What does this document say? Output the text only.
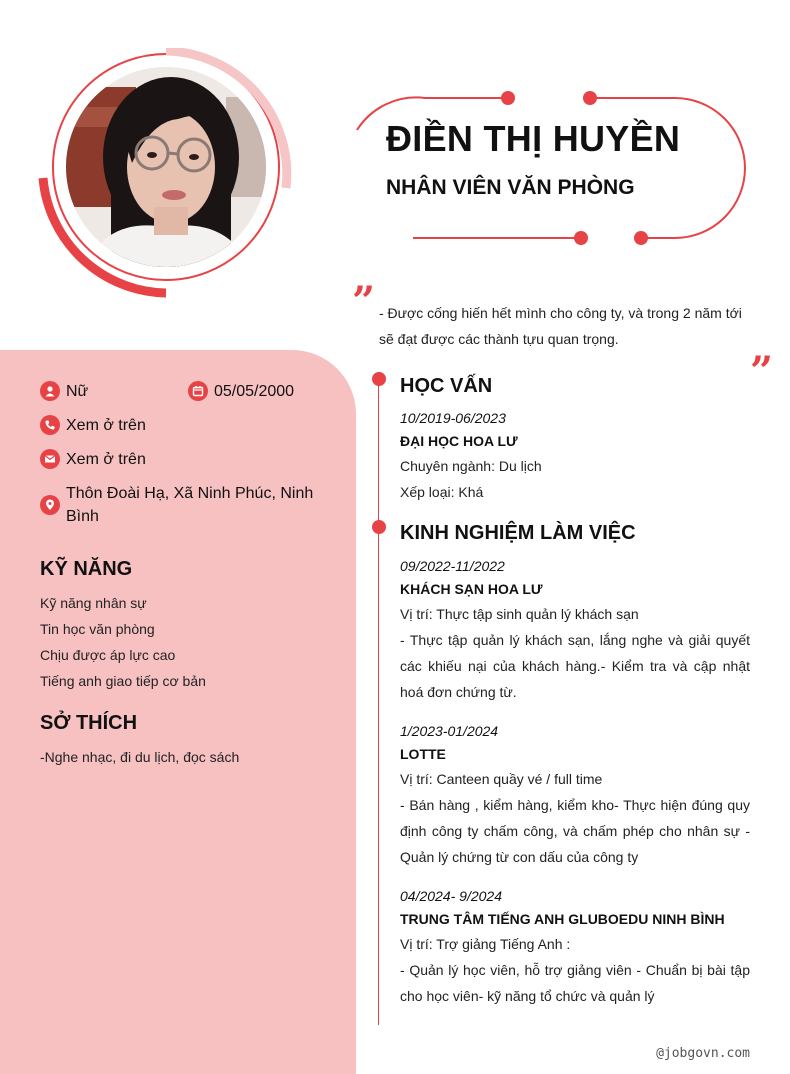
ĐIỀN THỊ HUYỀN
NHÂN VIÊN VĂN PHÒNG
”
”
- Được cống hiến hết mình cho công ty, và trong 2 năm tới sẽ đạt được các thành tựu quan trọng.
Nữ	05/05/2000
Xem ở trên
Xem ở trên
Thôn Đoài Hạ, Xã Ninh Phúc, Ninh Bình
KỸ NĂNG
Kỹ năng nhân sự
Tin học văn phòng
Chịu được áp lực cao
Tiếng anh giao tiếp cơ bản
SỞ THÍCH
-Nghe nhạc, đi du lịch, đọc sách
HỌC VẤN
10/2019-06/2023
ĐẠI HỌC HOA LƯ
Chuyên ngành: Du lịch
Xếp loại: Khá
KINH NGHIỆM LÀM VIỆC
09/2022-11/2022
KHÁCH SẠN HOA LƯ
Vị trí: Thực tập sinh quản lý khách sạn
- Thực tập quản lý khách sạn, lắng nghe và giải quyết các khiếu nại của khách hàng.- Kiểm tra và cập nhật hoá đơn chứng từ.
1/2023-01/2024
LOTTE
Vị trí: Canteen quầy vé / full time
- Bán hàng , kiểm hàng, kiểm kho- Thực hiện đúng quy định công ty chấm công, và chấm phép cho nhân sự - Quản lý chứng từ con dấu của công ty
04/2024- 9/2024
TRUNG TÂM TIẾNG ANH GLUBOEDU NINH BÌNH
Vị trí: Trợ giảng Tiếng Anh :
- Quản lý học viên, hỗ trợ giảng viên - Chuẩn bị bài tập cho học viên- kỹ năng tổ chức và quản lý
@jobgovn.com
